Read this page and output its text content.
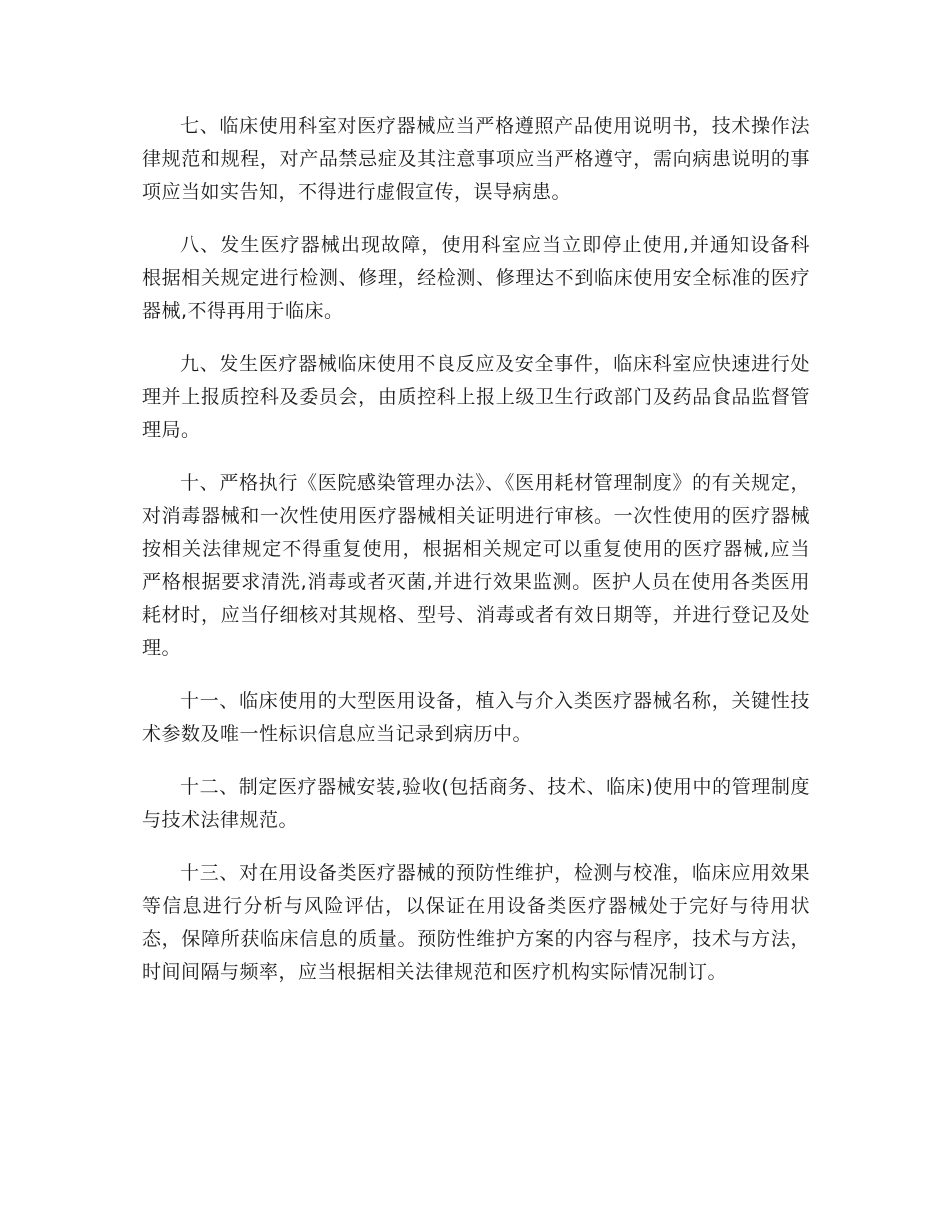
七、临床使用科室对医疗器械应当严格遵照产品使用说明书，技术操作法律规范和规程，对产品禁忌症及其注意事项应当严格遵守，需向病患说明的事项应当如实告知，不得进行虚假宣传，误导病患。

八、发生医疗器械出现故障，使用科室应当立即停止使用,并通知设备科根据相关规定进行检测、修理，经检测、修理达不到临床使用安全标准的医疗器械,不得再用于临床。

九、发生医疗器械临床使用不良反应及安全事件，临床科室应快速进行处理并上报质控科及委员会，由质控科上报上级卫生行政部门及药品食品监督管理局。

十、严格执行《医院感染管理办法》、《医用耗材管理制度》的有关规定，对消毒器械和一次性使用医疗器械相关证明进行审核。一次性使用的医疗器械按相关法律规定不得重复使用，根据相关规定可以重复使用的医疗器械,应当严格根据要求清洗,消毒或者灭菌,并进行效果监测。医护人员在使用各类医用耗材时，应当仔细核对其规格、型号、消毒或者有效日期等，并进行登记及处理。

十一、临床使用的大型医用设备，植入与介入类医疗器械名称，关键性技术参数及唯一性标识信息应当记录到病历中。

十二、制定医疗器械安装,验收(包括商务、技术、临床)使用中的管理制度与技术法律规范。

十三、对在用设备类医疗器械的预防性维护，检测与校准，临床应用效果等信息进行分析与风险评估，以保证在用设备类医疗器械处于完好与待用状态，保障所获临床信息的质量。预防性维护方案的内容与程序，技术与方法，时间间隔与频率，应当根据相关法律规范和医疗机构实际情况制订。
